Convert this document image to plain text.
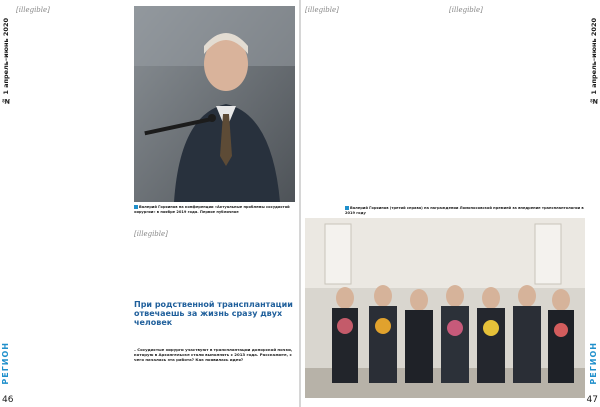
№ 1 апрель–июнь 2020
РЕГИОН
46
[illegible]
Валерий Горяинов на конференции «Актуальные проблемы сосудистой хирургии» в ноябре 2019 года. Первое публичное
[illegible]
При родственной трансплантации отвечаешь за жизнь сразу двух человек
– Сосудистые хирурги участвуют в трансплантации донорской почки, которую в Архангельске стали выполнять с 2013 года. Расскажите, с чего началась эта работа? Как появилась идея?
№ 1 апрель–июнь 2020
РЕГИОН
47
[illegible]	[illegible]
Валерий Горяинов (третий справа) на награждении Ломоносовской премией за внедрение трансплантологии в 2019 году
